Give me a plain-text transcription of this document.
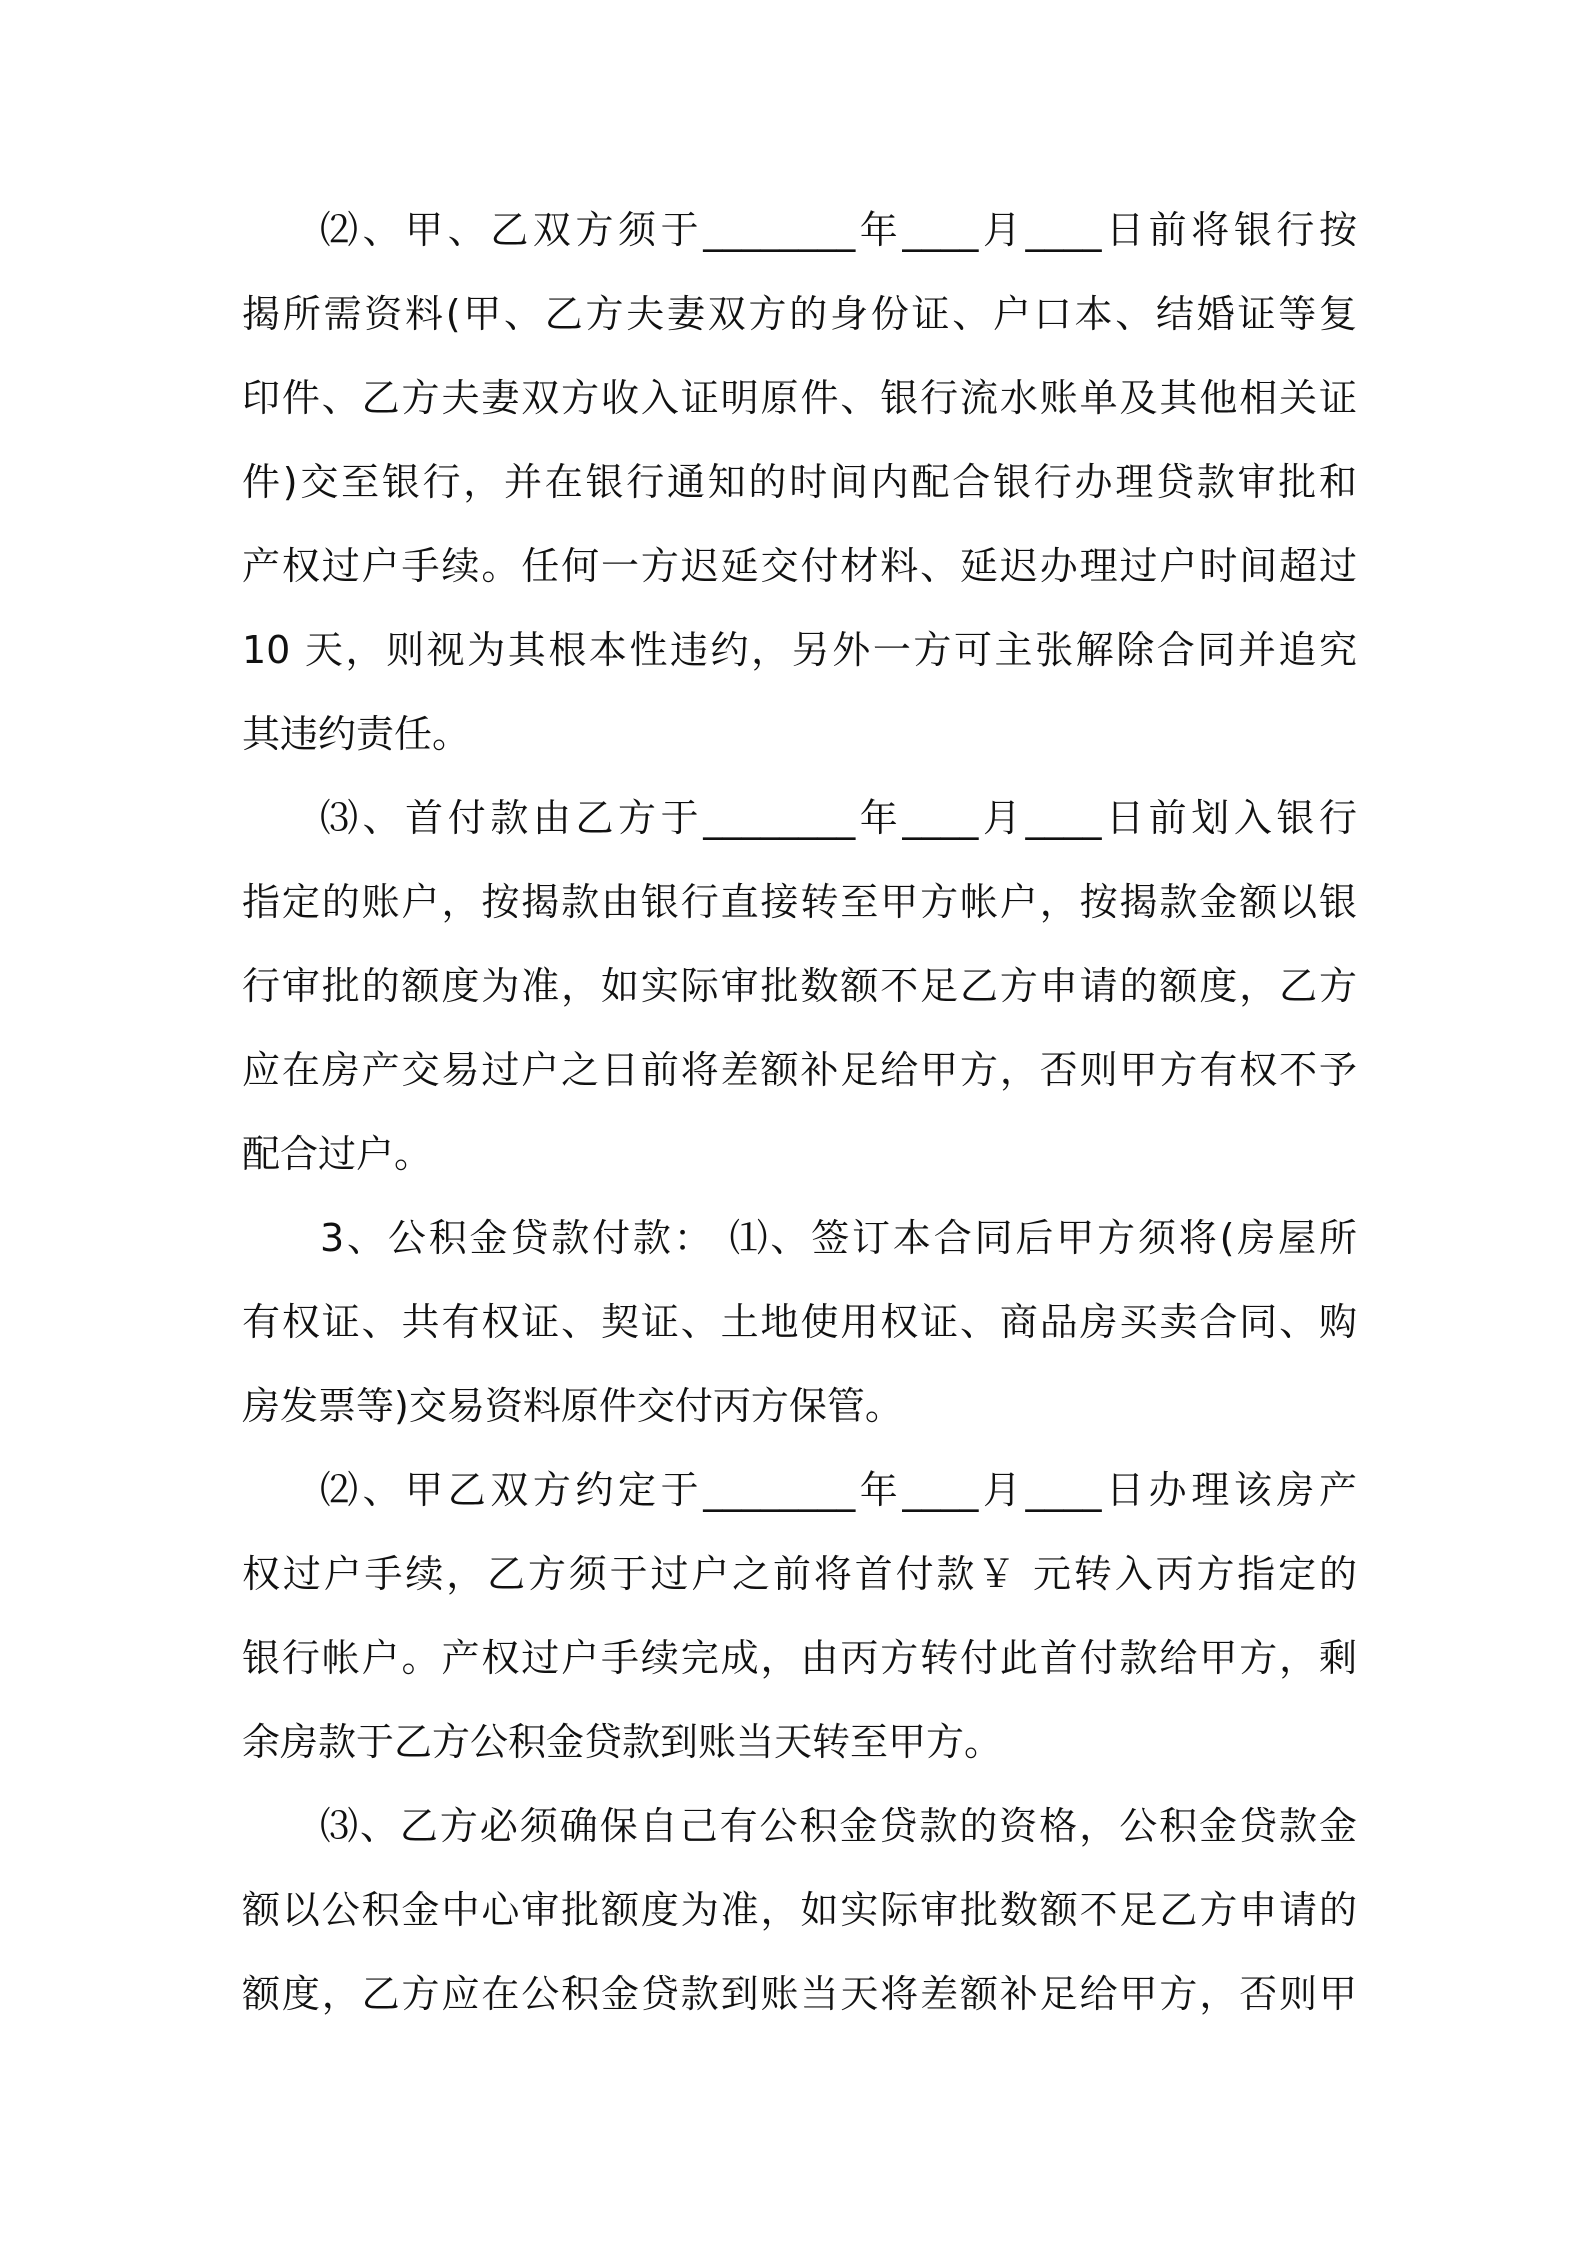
⑵、甲、乙双方须于________年____月____日前将银行按
揭所需资料(甲、乙方夫妻双方的身份证、户口本、结婚证等复
印件、乙方夫妻双方收入证明原件、银行流水账单及其他相关证
件)交至银行，并在银行通知的时间内配合银行办理贷款审批和
产权过户手续。任何一方迟延交付材料、延迟办理过户时间超过
10 天，则视为其根本性违约，另外一方可主张解除合同并追究
其违约责任。
⑶、首付款由乙方于________年____月____日前划入银行
指定的账户，按揭款由银行直接转至甲方帐户，按揭款金额以银
行审批的额度为准，如实际审批数额不足乙方申请的额度，乙方
应在房产交易过户之日前将差额补足给甲方，否则甲方有权不予
配合过户。
3、公积金贷款付款： ⑴、签订本合同后甲方须将(房屋所
有权证、共有权证、契证、土地使用权证、商品房买卖合同、购
房发票等)交易资料原件交付丙方保管。
⑵、甲乙双方约定于________年____月____日办理该房产
权过户手续，乙方须于过户之前将首付款￥ 元转入丙方指定的
银行帐户。产权过户手续完成，由丙方转付此首付款给甲方，剩
余房款于乙方公积金贷款到账当天转至甲方。
⑶、乙方必须确保自己有公积金贷款的资格，公积金贷款金
额以公积金中心审批额度为准，如实际审批数额不足乙方申请的
额度，乙方应在公积金贷款到账当天将差额补足给甲方，否则甲
